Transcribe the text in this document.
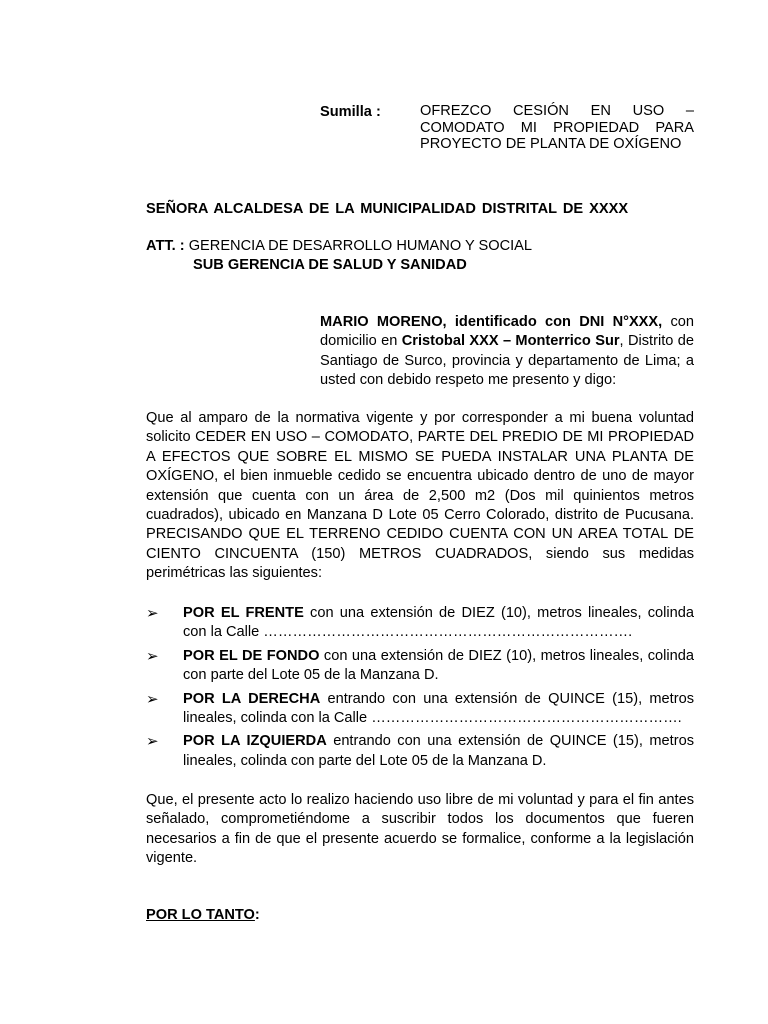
Sumilla :	OFREZCO CESIÓN EN USO – COMODATO MI PROPIEDAD PARA PROYECTO DE PLANTA DE OXÍGENO
SEÑORA ALCALDESA DE LA MUNICIPALIDAD DISTRITAL DE XXXX
ATT. : GERENCIA DE DESARROLLO HUMANO Y SOCIAL
SUB GERENCIA DE SALUD Y SANIDAD
MARIO MORENO, identificado con DNI N°XXX, con domicilio en Cristobal XXX – Monterrico Sur, Distrito de Santiago de Surco, provincia y departamento de Lima; a usted con debido respeto me presento y digo:
Que al amparo de la normativa vigente y por corresponder a mi buena voluntad solicito CEDER EN USO – COMODATO, PARTE DEL PREDIO DE MI PROPIEDAD A EFECTOS QUE SOBRE EL MISMO SE PUEDA INSTALAR UNA PLANTA DE OXÍGENO, el bien inmueble cedido se encuentra ubicado dentro de uno de mayor extensión que cuenta con un área de 2,500 m2 (Dos mil quinientos metros cuadrados), ubicado en Manzana D Lote 05 Cerro Colorado, distrito de Pucusana. PRECISANDO QUE EL TERRENO CEDIDO CUENTA CON UN AREA TOTAL DE CIENTO CINCUENTA (150) METROS CUADRADOS, siendo sus medidas perimétricas las siguientes:
➢ POR EL FRENTE con una extensión de DIEZ (10), metros lineales, colinda con la Calle ………………………………………………………………….
➢ POR EL DE FONDO con una extensión de DIEZ (10), metros lineales, colinda con parte del Lote 05 de la Manzana D.
➢ POR LA DERECHA entrando con una extensión de QUINCE (15), metros lineales, colinda con la Calle ……………………………………………………….
➢ POR LA IZQUIERDA entrando con una extensión de QUINCE (15), metros lineales, colinda con parte del Lote 05 de la Manzana D.
Que, el presente acto lo realizo haciendo uso libre de mi voluntad y para el fin antes señalado, comprometiéndome a suscribir todos los documentos que fueren necesarios a fin de que el presente acuerdo se formalice, conforme a la legislación vigente.
POR LO TANTO:
